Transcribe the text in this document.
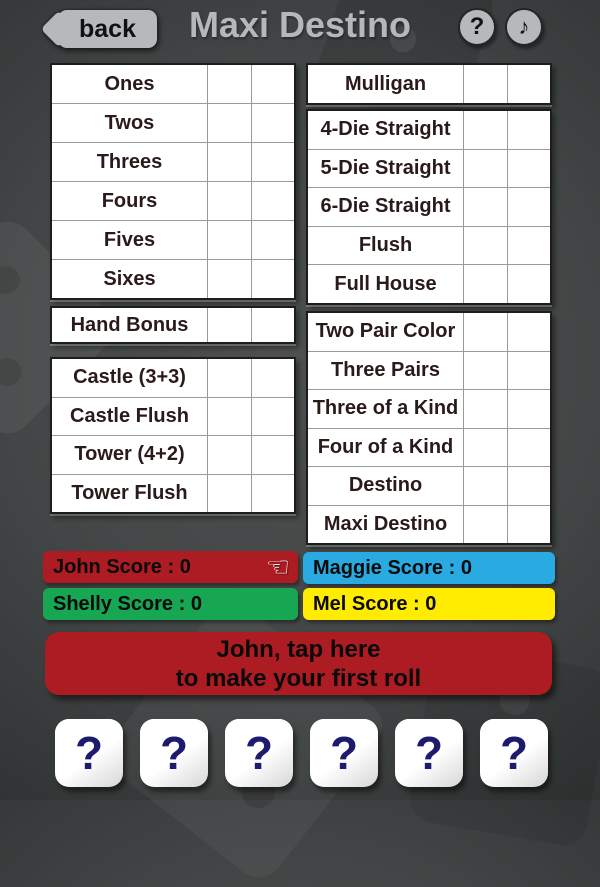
back	Maxi Destino	? ♪
Ones
Twos
Threes
Fours
Fives
Sixes
Hand Bonus
Castle (3+3)
Castle Flush
Tower (4+2)
Tower Flush
Mulligan
4-Die Straight
5-Die Straight
6-Die Straight
Flush
Full House
Two Pair Color
Three Pairs
Three of a Kind
Four of a Kind
Destino
Maxi Destino
John Score : 0	☜
Shelly Score : 0
Maggie Score : 0
Mel Score : 0
John, tap here
to make your first roll
? ? ? ? ? ?
